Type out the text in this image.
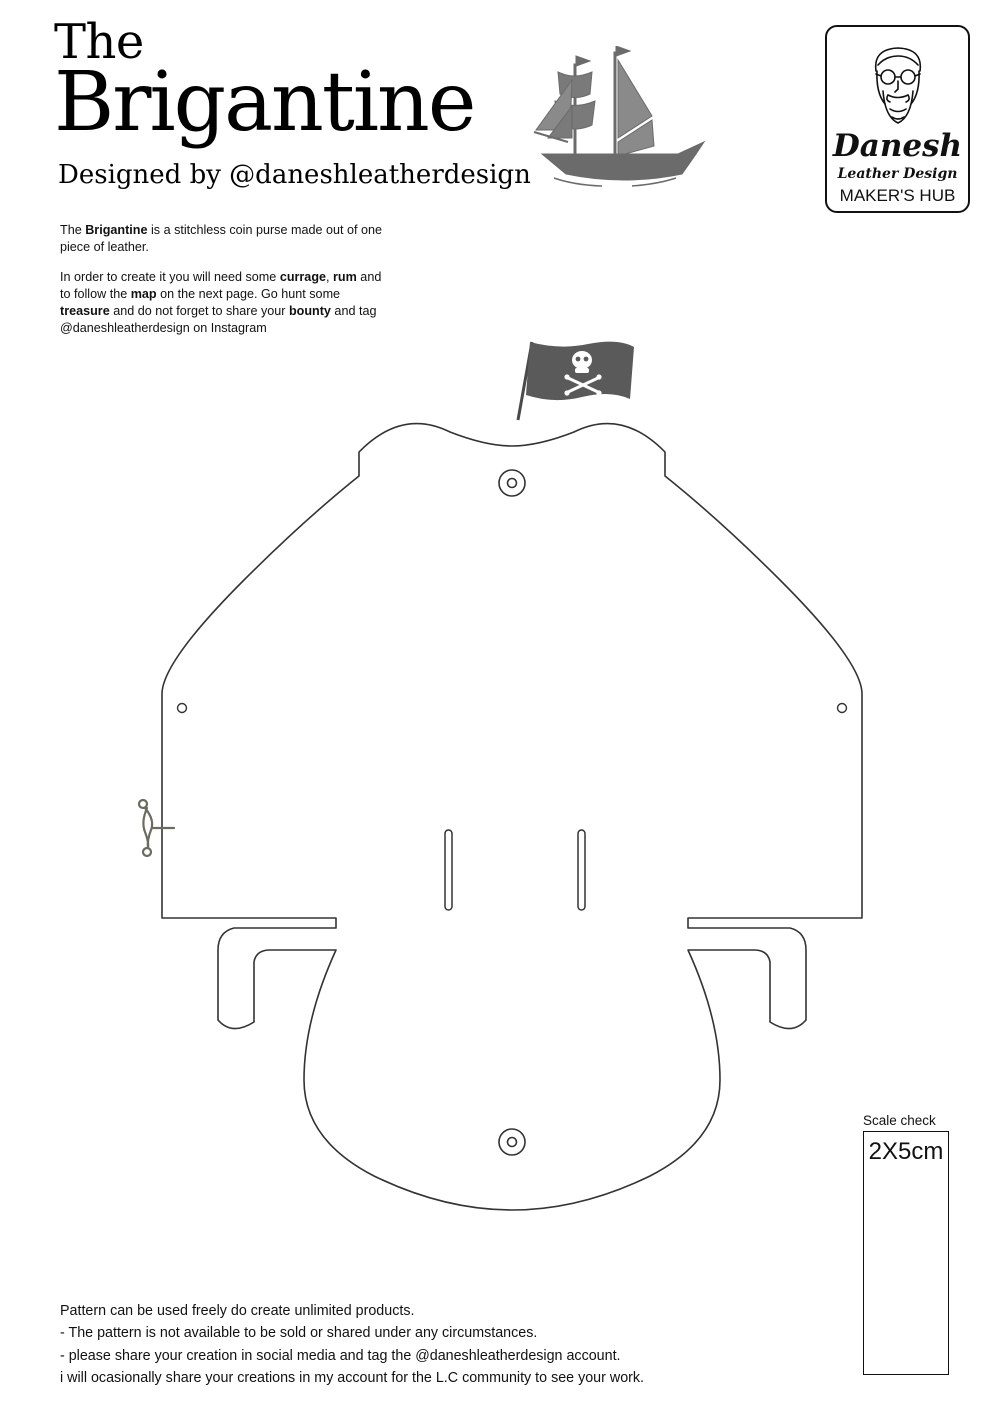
The
Brigantine
Designed by @daneshleatherdesign
Danesh
Leather Design
MAKER'S HUB

The Brigantine is a stitchless coin purse made out of one piece of leather.

In order to create it you will need some currage, rum and to follow the map on the next page. Go hunt some treasure and do not forget to share your bounty and tag @daneshleatherdesign on Instagram

Scale check
2X5cm
Pattern can be used freely do create unlimited products.
- The pattern is not available to be sold or shared under any circumstances.
- please share your creation in social media and tag the @daneshleatherdesign account.
i will ocasionally share your creations in my account for the L.C community to see your work.
